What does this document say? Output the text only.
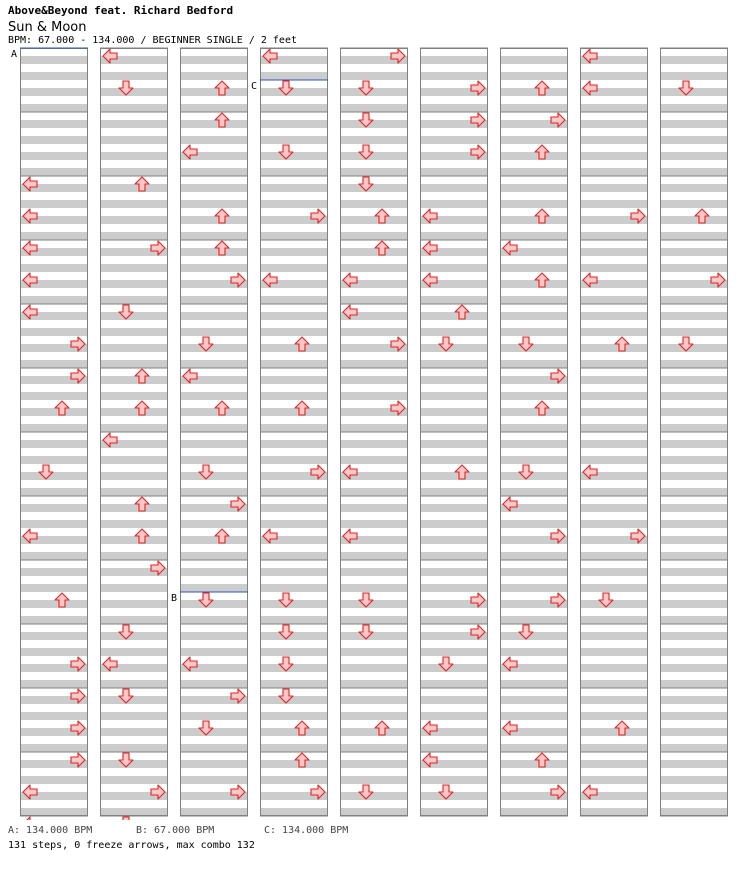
Above&Beyond feat. Richard Bedford
Sun & Moon
BPM: 67.000 - 134.000 / BEGINNER SINGLE / 2 feet
A
C
B
A: 134.000 BPM	B: 67.000 BPM	C: 134.000 BPM
131 steps, 0 freeze arrows, max combo 132
